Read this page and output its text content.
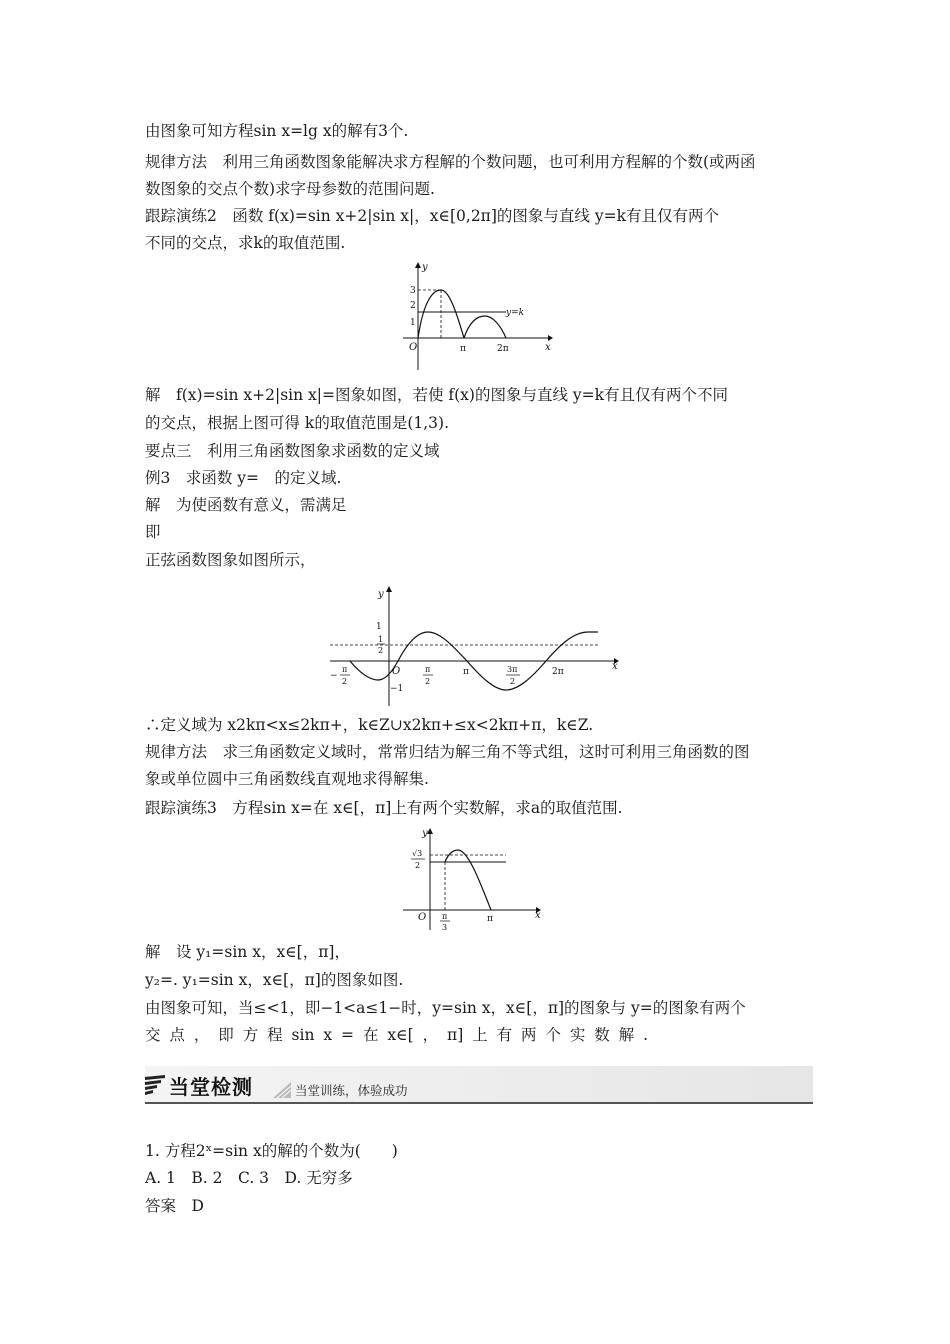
由图象可知方程sin x=lg x的解有3个.
规律方法　利用三角函数图象能解决求方程解的个数问题，也可利用方程解的个数(或两函
数图象的交点个数)求字母参数的范围问题.
跟踪演练2　函数 f(x)=sin x+2|sin x|，x∈[0,2π]的图象与直线 y=k有且仅有两个
不同的交点，求k的取值范围.
y
x
O
3
2
1
π	2π
y=k
解　f(x)=sin x+2|sin x|=图象如图，若使 f(x)的图象与直线 y=k有且仅有两个不同
的交点，根据上图可得 k的取值范围是(1,3).
要点三　利用三角函数图象求函数的定义域
例3　求函数 y=　的定义域.
解　为使函数有意义，需满足
即
正弦函数图象如图所示，
y
x
O
1
1
2
−1
−
π
2
π
2
π	3π
2
2π
∴定义域为 x2kπ<x≤2kπ+，k∈Z∪x2kπ+≤x<2kπ+π，k∈Z.
规律方法　求三角函数定义域时，常常归结为解三角不等式组，这时可利用三角函数的图
象或单位圆中三角函数线直观地求得解集.
跟踪演练3　方程sin x=在 x∈[，π]上有两个实数解，求a的取值范围.
y
x
O
√3
2
π
3
π
解　设 y₁=sin x，x∈[，π]，
y₂=. y₁=sin x，x∈[，π]的图象如图.
由图象可知，当≤<1，即−1<a≤1−时，y=sin x，x∈[，π]的图象与 y=的图象有两个
交 点 ， 即 方 程 sin x = 在 x∈[ ， π] 上 有 两 个 实 数 解 .
当堂检测	当堂训练，体验成功
1. 方程2ˣ=sin x的解的个数为(　　)
A. 1　B. 2　C. 3　D. 无穷多
答案　D
